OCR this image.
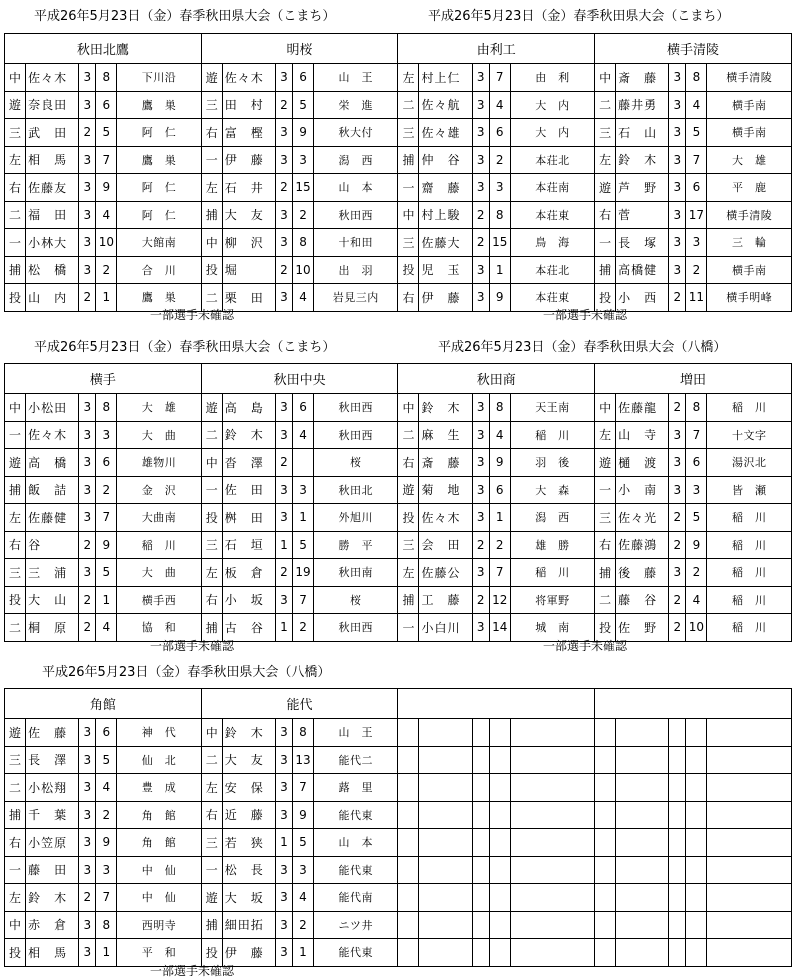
平成26年5月23日（金）春季秋田県大会（こまち）	平成26年5月23日（金）春季秋田県大会（こまち）
一部選手未確認	一部選手未確認
秋田北鷹					明桜					由利工					横手清陵				
中	佐々木	3	8	下川沿	遊	佐々木	3	6	山　王	左	村上仁	3	7	由　利	中	斎　藤	3	8	横手清陵
遊	奈良田	3	6	鷹　巣	三	田　村	2	5	栄　進	二	佐々航	3	4	大　内	二	藤井勇	3	4	横手南
三	武　田	2	5	阿　仁	右	富　樫	3	9	秋大付	三	佐々雄	3	6	大　内	三	石　山	3	5	横手南
左	相　馬	3	7	鷹　巣	一	伊　藤	3	3	潟　西	捕	仲　谷	3	2	本荘北	左	鈴　木	3	7	大　雄
右	佐藤友	3	9	阿　仁	左	石　井	2	15	山　本	一	齋　藤	3	3	本荘南	遊	芦　野	3	6	平　鹿
二	福　田	3	4	阿　仁	捕	大　友	3	2	秋田西	中	村上駿	2	8	本荘東	右	菅	3	17	横手清陵
一	小林大	3	10	大館南	中	柳　沢	3	8	十和田	三	佐藤大	2	15	鳥　海	一	長　塚	3	3	三　輪
捕	松　橋	3	2	合　川	投	堀	2	10	出　羽	投	児　玉	3	1	本荘北	捕	高橋健	3	2	横手南
投	山　内	2	1	鷹　巣	二	栗　田	3	4	岩見三内	右	伊　藤	3	9	本荘東	投	小　西	2	11	横手明峰
平成26年5月23日（金）春季秋田県大会（こまち）	平成26年5月23日（金）春季秋田県大会（八橋）
一部選手未確認	一部選手未確認
横手					秋田中央					秋田商					増田				
中	小松田	3	8	大　雄	遊	高　島	3	6	秋田西	中	鈴　木	3	8	天王南	中	佐藤龍	2	8	稲　川
一	佐々木	3	3	大　曲	二	鈴　木	3	4	秋田西	二	麻　生	3	4	稲　川	左	山　寺	3	7	十文字
遊	高　橋	3	6	雄物川	中	沓　澤	2		桜	右	斎　藤	3	9	羽　後	遊	樋　渡	3	6	湯沢北
捕	飯　詰	3	2	金　沢	一	佐　田	3	3	秋田北	遊	菊　地	3	6	大　森	一	小　南	3	3	皆　瀬
左	佐藤健	3	7	大曲南	投	桝　田	3	1	外旭川	投	佐々木	3	1	潟　西	三	佐々光	2	5	稲　川
右	谷	2	9	稲　川	三	石　垣	1	5	勝　平	三	会　田	2	2	雄　勝	右	佐藤鴻	2	9	稲　川
三	三　浦	3	5	大　曲	左	板　倉	2	19	秋田南	左	佐藤公	3	7	稲　川	捕	後　藤	3	2	稲　川
投	大　山	2	1	横手西	右	小　坂	3	7	桜	捕	工　藤	2	12	将軍野	二	藤　谷	2	4	稲　川
二	桐　原	2	4	協　和	捕	古　谷	1	2	秋田西	一	小白川	3	14	城　南	投	佐　野	2	10	稲　川
平成26年5月23日（金）春季秋田県大会（八橋）
一部選手未確認
角館					能代														
遊	佐　藤	3	6	神　代	中	鈴　木	3	8	山　王										
三	長　澤	3	5	仙　北	二	大　友	3	13	能代二										
二	小松翔	3	4	豊　成	左	安　保	3	7	蕗　里										
捕	千　葉	3	2	角　館	右	近　藤	3	9	能代東										
右	小笠原	3	9	角　館	三	若　狭	1	5	山　本										
一	藤　田	3	3	中　仙	一	松　長	3	3	能代東										
左	鈴　木	2	7	中　仙	遊	大　坂	3	4	能代南										
中	赤　倉	3	8	西明寺	捕	細田拓	3	2	ニツ井										
投	相　馬	3	1	平　和	投	伊　藤	3	1	能代東										
